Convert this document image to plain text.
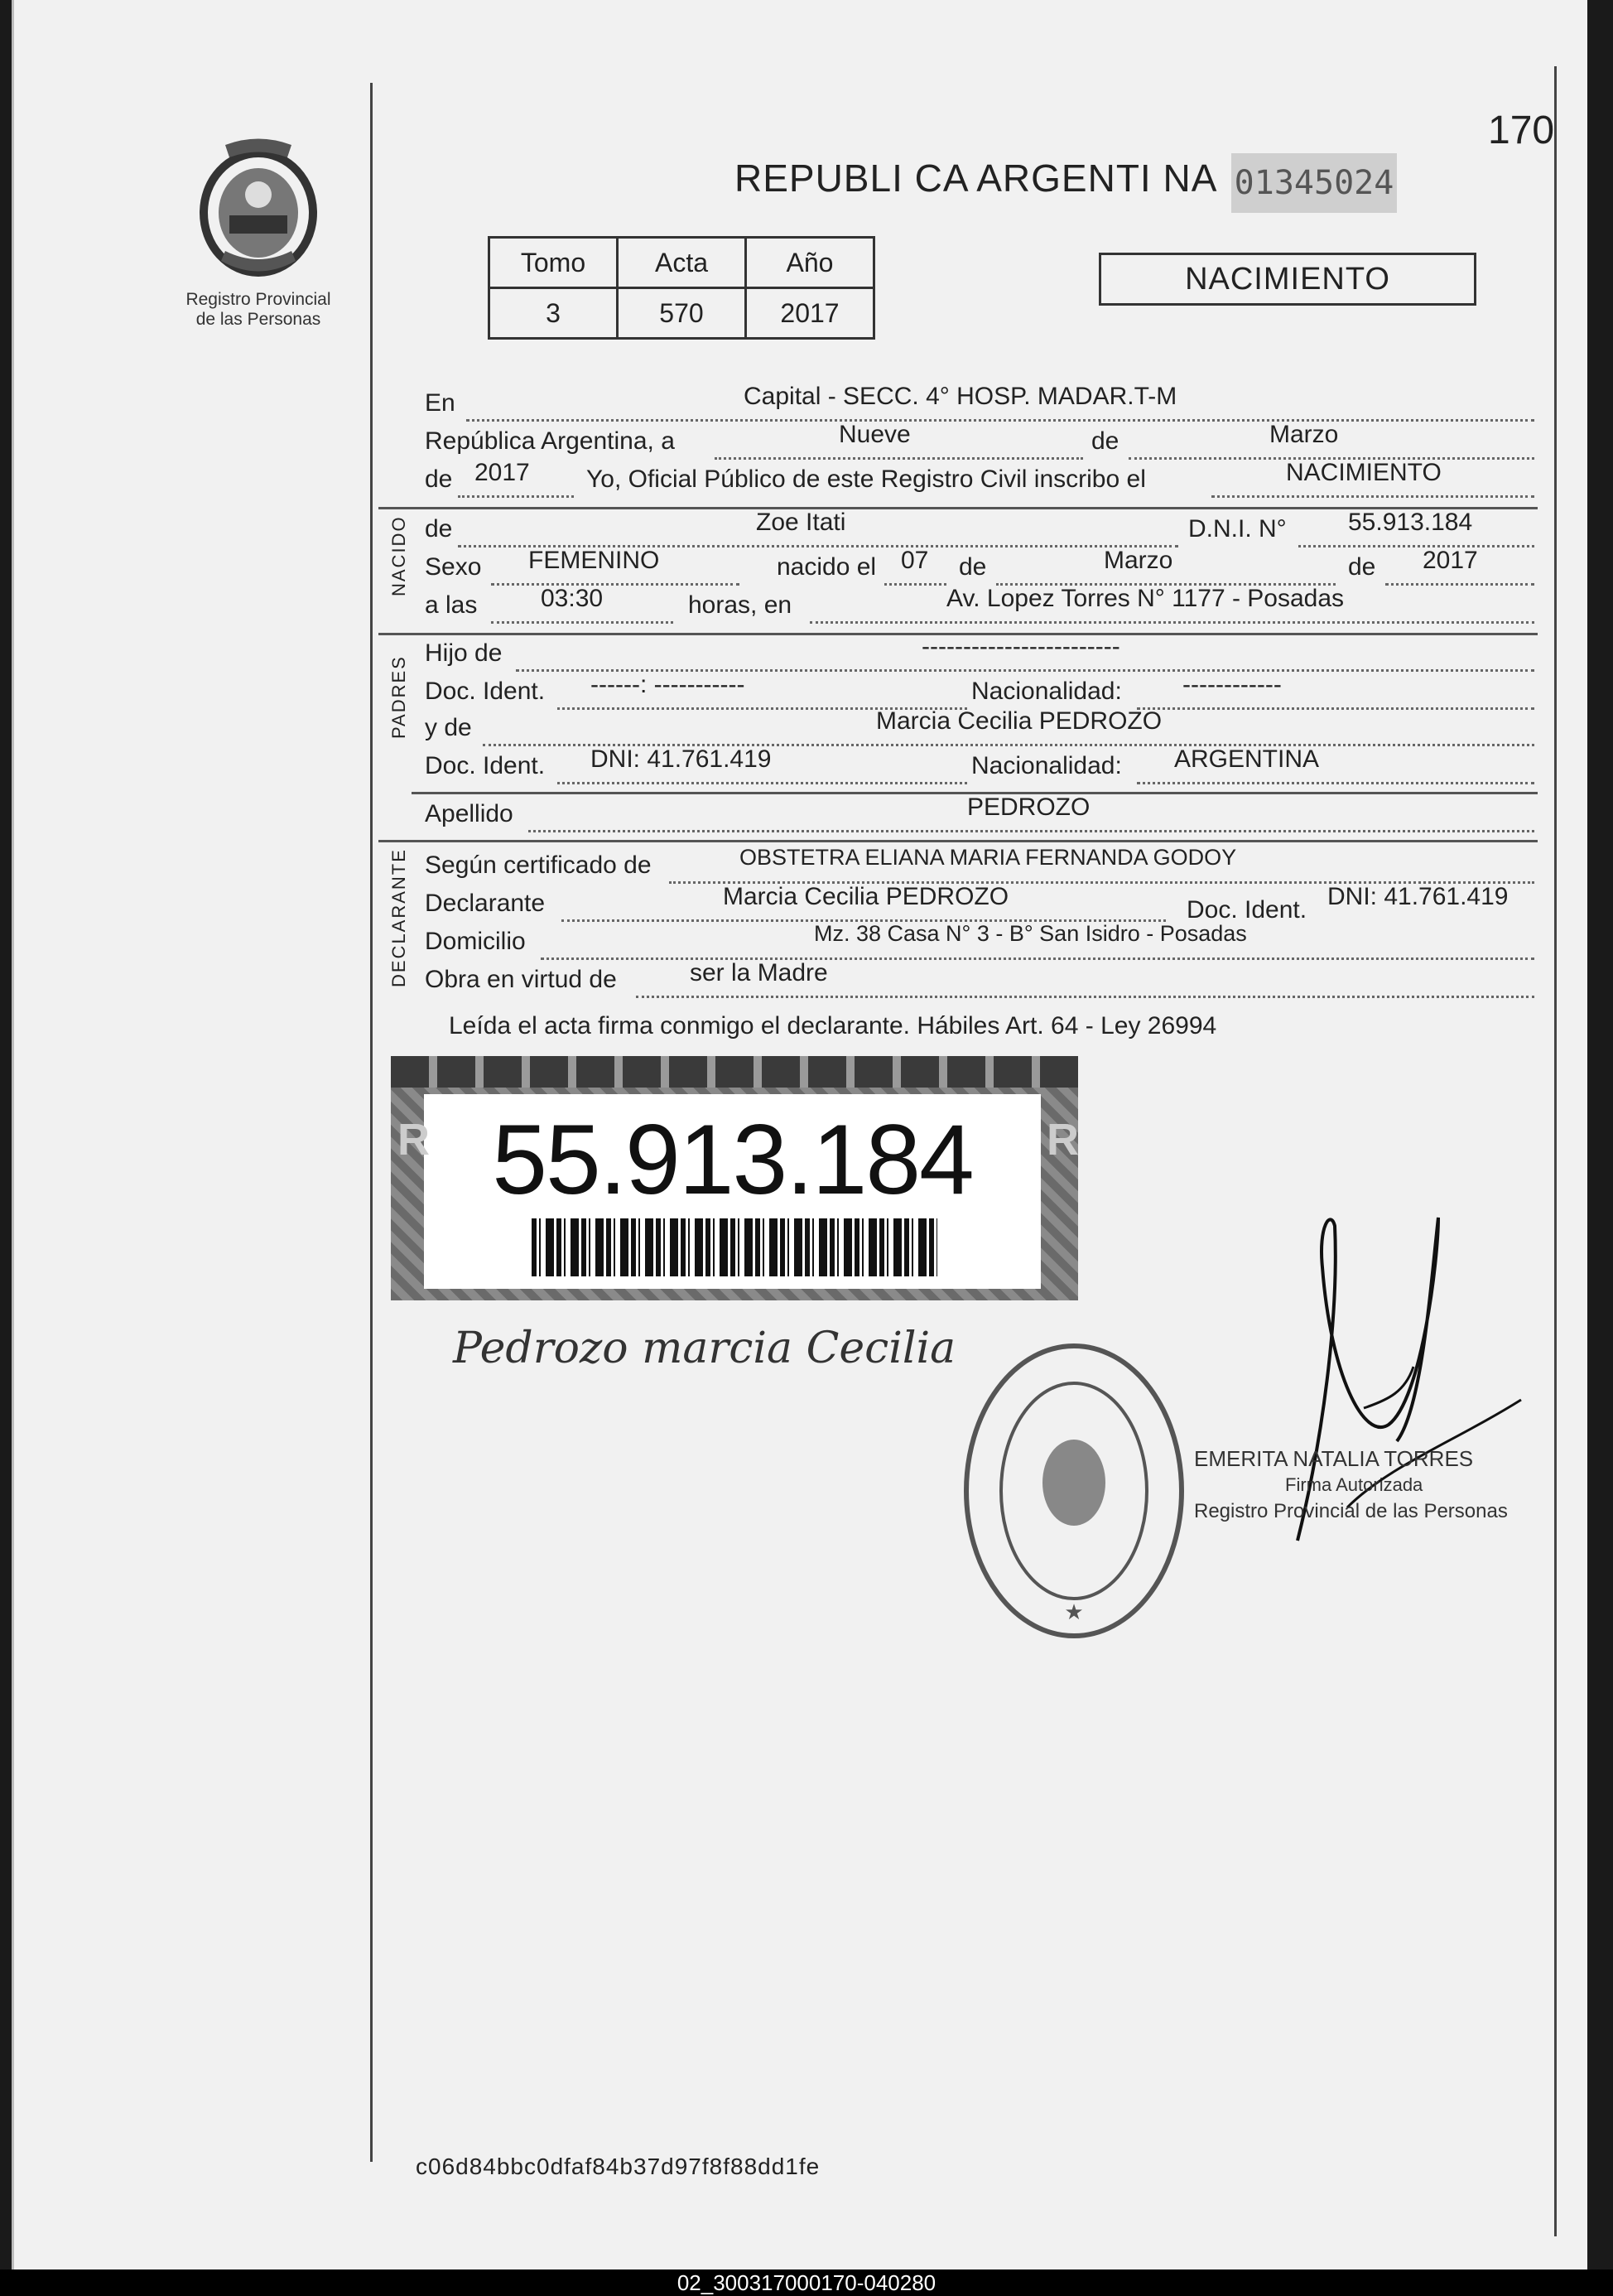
Registro Provincial
de las Personas
170
REPUBLI CA ARGENTI NA 01345024
Tomo	Acta	Año
3	570	2017
NACIMIENTO
En	Capital - SECC. 4° HOSP. MADAR.T-M
República Argentina, a	Nueve	de	Marzo
de 2017 Yo, Oficial Público de este Registro Civil inscribo el	NACIMIENTO
NACIDO de	Zoe Itati	D.N.I. N° 55.913.184
Sexo FEMENINO	nacido el 07 de	Marzo	de 2017
a las	03:30	horas, en	Av. Lopez Torres N° 1177 - Posadas
PADRES
Hijo de	------------------------
Doc. Ident. ------: -----------	Nacionalidad: ------------
y de	Marcia Cecilia PEDROZO
Doc. Ident. DNI: 41.761.419	Nacionalidad: ARGENTINA
Apellido	PEDROZO
DECLARANTE Según certificado de	OBSTETRA ELIANA MARIA FERNANDA GODOY
Declarante	Marcia Cecilia PEDROZO	Doc. Ident. DNI: 41.761.419
Domicilio	Mz. 38 Casa N° 3 - B° San Isidro - Posadas
Obra en virtud de	ser la Madre
Leída el acta firma conmigo el declarante. Hábiles Art. 64 - Ley 26994
55.913.184
R	R
Pedrozo marcia Cecilia
★
EMERITA NATALIA TORRES
Firma Autorizada
Registro Provincial de las Personas
c06d84bbc0dfaf84b37d97f8f88dd1fe
02_300317000170-040280
